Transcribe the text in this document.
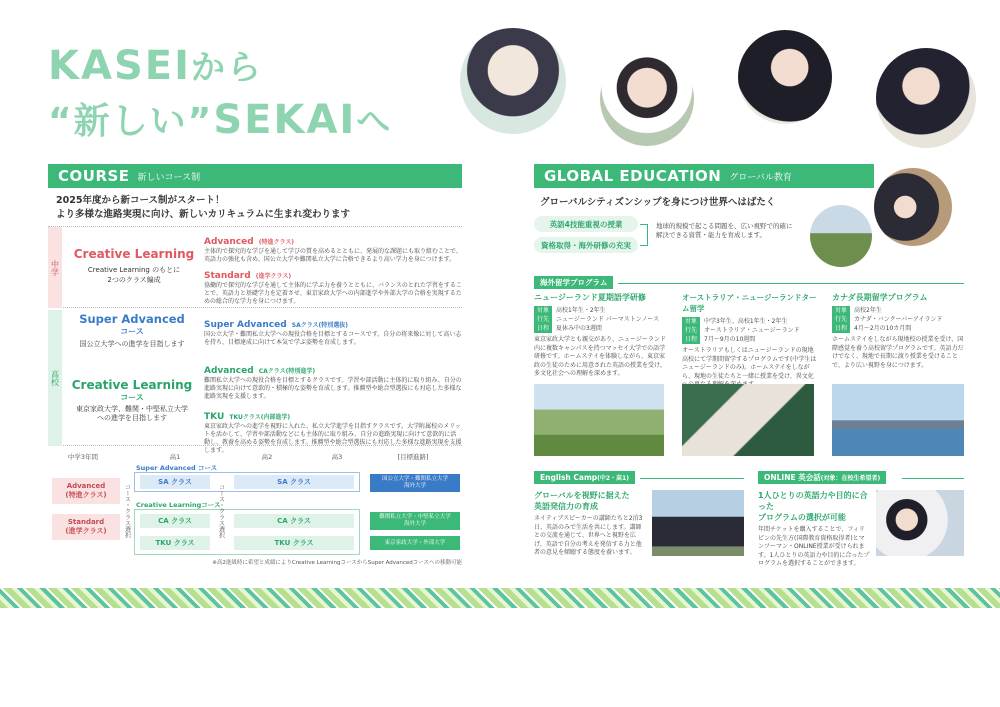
KASEIから
“新しい”SEKAIへ
COURSE 新しいコース制
2025年度から新コース制がスタート！
より多様な進路実現に向け、新しいカリキュラムに生まれ変わります
中学
Creative Learning
Creative Learning のもとに
2つのクラス編成
Advanced (特進クラス)
主体的で探究的な学びを通して学びの質を高めるとともに、発展的な課題にも取り組むことで、英語力の強化も含め、国公立大学や難関私立大学に合格できるより高い学力を身につけます。
Standard (進学クラス)
協働的で探究的な学びを通して主体的に学ぶ力を養うとともに、バランスのとれた学習をすることで、英語力と基礎学力を定着させ、東京家政大学への内部進学や外部大学の合格を実現するための総合的な学力を身につけます。
高校
Super Advanced
コース
国公立大学への進学を目指します
Creative Learning
コース
東京家政大学、難関・中堅私立大学
への進学を目指します
Super Advanced SAクラス(特別選抜)
国公立大学・難関私立大学への現役合格を目標とするコースです。自分の将来像に対して高い志を持ち、目標達成に向けて本気で学ぶ姿勢を育成します。
Advanced CAクラス(特別進学)
難関私立大学への現役合格を目標とするクラスです。学習や部活動に主体的に取り組み、自分の進路実現に向けて意欲的・積極的な姿勢を育成します。推薦型や総合型選抜にも対応した多様な進路実現を支援します。
TKU TKUクラス(内部進学)
東京家政大学への進学を視野に入れた、私立大学進学を目指すクラスです。大学附属校のメリットを活かして、学習や部活動などにも主体的に取り組み、自分の進路実現に向けて意欲的に活動し、教養を高める姿勢を育成します。推薦型や総合型選抜にも対応した多様な進路実現を支援します。
中学3年間	高1	高2	高3	[目標進路]
Advanced
(特進クラス)
Standard
(進学クラス)	コース・クラス選択
Super Advanced コース
SA クラス	SA クラス
Creative Learningコース
CA クラス	CA クラス
TKU クラス	TKU クラス
コース・クラス選択
国公立大学・難関私立大学
海外大学
難関私立大学・中堅私立大学
海外大学
東京家政大学・外部大学
※高2進級時に希望と成績によりCreative LearningコースからSuper Advancedコースへの移動可能
GLOBAL EDUCATION グローバル教育
グローバルシティズンシップを身につけ世界へはばたく
英語4技能重視の授業
資格取得・海外研修の充実
地球的規模で起こる問題を、広い視野で的確に解決できる資質・能力を育成します。
海外留学プログラム
ニュージーランド夏期語学研修
対象 高校1年生・2年生
行先 ニュージーランド パーマストンノース
日程 夏休み中の3週間
東京家政大学とも親交があり、ニュージーランド内に複数キャンパスを持つマッセイ大学での語学研修です。ホームステイを体験しながら、東京家政の生徒のために用意された英語の授業を受け、多文化社会への理解を深めます。
オーストラリア・ニュージーランドターム留学
対象 中学3年生、高校1年生・2年生
行先 オーストラリア・ニュージーランド
日程 7月～9月の10週間
オーストラリアもしくはニュージーランドの現地高校にて学期間留学するプログラムです(中学生はニュージーランドのみ)。ホームステイをしながら、現地の生徒たちと一緒に授業を受け、異文化
カナダ長期留学プログラム
対象 高校2年生
行先 カナダ・バンクーバーアイランド
日程 4月～2月の10カ月間
ホームステイをしながら現地校の授業を受け、国際感覚を養う高校留学プログラムです。英語力だけでなく、現地で長期に渡り授業を受けることで、より広い視野を身につけます。
English Camp(中2・高1)
グローバルを視野に据えた
英語発信力の育成
ネイティブスピーカーの講師たちと2泊3日、英語のみで生活を共にします。講師との交流を通じて、世界へと視野を広げ、英語で自分の考えを発信する力と他者の意見を傾聴する態度を養います。
ONLINE 英会話(対象：在校生希望者)
1人ひとりの英語力や目的に合った
プログラムの選択が可能
年間チケットを購入することで、フィリピンの先生方(国際教育資格取得者)とマンツーマン・ONLINE授業が受けられます。1人ひとりの英語力や目的に合ったプログラムを選択することができます。
